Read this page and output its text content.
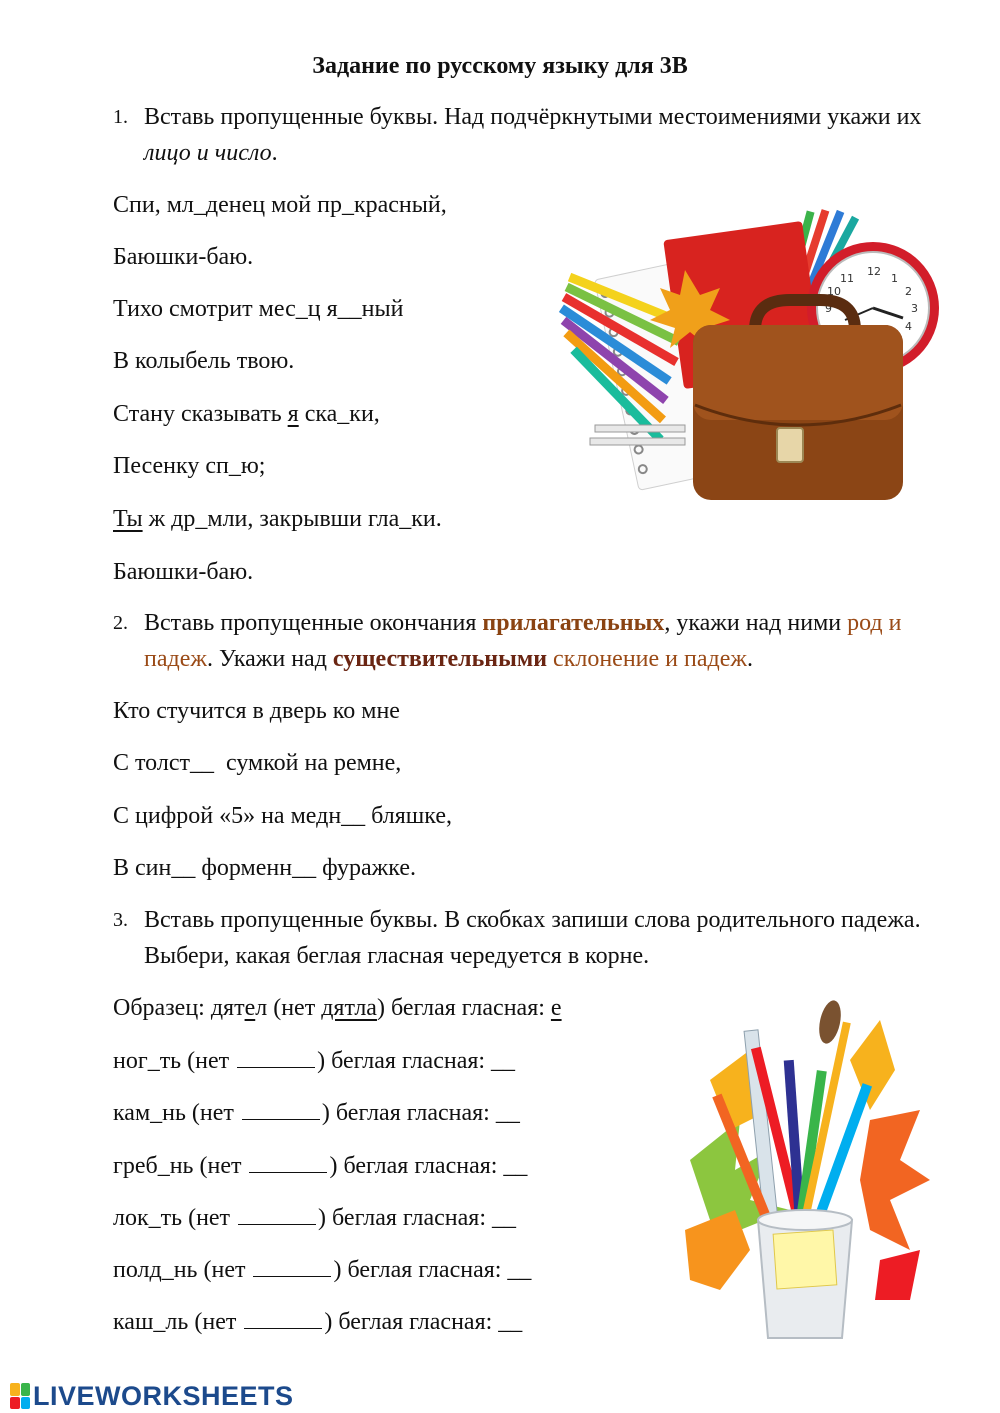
Задание по русскому языку для 3В
1. Вставь пропущенные буквы. Над подчёркнутыми местоимениями укажи их лицо и число.
Спи, мл_денец мой пр_красный,
Баюшки-баю.
Тихо смотрит мес_ц я__ный
В колыбель твою.
Стану сказывать я ска_ки,
Песенку сп_ю;
Ты ж др_мли, закрывши гла_ки.
Баюшки-баю.
12
1
2
3
4
11
10
9
2. Вставь пропущенные окончания прилагательных, укажи над ними род и падеж. Укажи над существительными склонение и падеж.
Кто стучится в дверь ко мне
С толст__  сумкой на ремне,
С цифрой «5» на медн__ бляшке,
В син__ форменн__ фуражке.
3. Вставь пропущенные буквы. В скобках запиши слова родительного падежа. Выбери, какая беглая гласная чередуется в корне.
Образец: дятел (нет дятла) беглая гласная: е
ног_ть (нет	) беглая гласная: __
кам_нь (нет	) беглая гласная: __
греб_нь (нет	) беглая гласная: __
лок_ть (нет	) беглая гласная: __
полд_нь (нет	) беглая гласная: __
каш_ль (нет	) беглая гласная: __
LIVEWORKSHEETS
